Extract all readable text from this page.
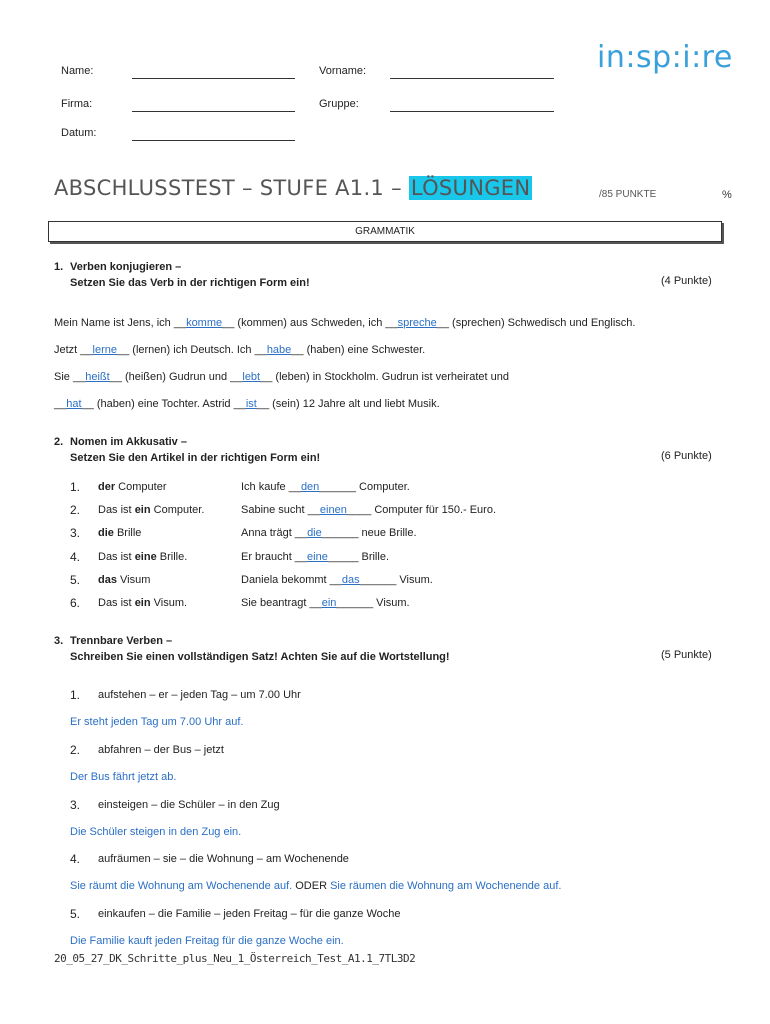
Name:	Vorname:
Firma:	Gruppe:
Datum:
in:sp:i:re
ABSCHLUSSTEST – STUFE A1.1 – LÖSUNGEN	/85 PUNKTE	%
GRAMMATIK
1. Verben konjugieren –
Setzen Sie das Verb in der richtigen Form ein!	(4 Punkte)
Mein Name ist Jens, ich __komme__ (kommen) aus Schweden, ich __spreche__ (sprechen) Schwedisch und Englisch.
Jetzt __lerne__ (lernen) ich Deutsch. Ich __habe__ (haben) eine Schwester.
Sie __heißt__ (heißen) Gudrun und __lebt__ (leben) in Stockholm. Gudrun ist verheiratet und
__hat__ (haben) eine Tochter. Astrid __ist__ (sein) 12 Jahre alt und liebt Musik.
2. Nomen im Akkusativ –
Setzen Sie den Artikel in der richtigen Form ein!	(6 Punkte)
1. der Computer	Ich kaufe __den______ Computer.
2. Das ist ein Computer.	Sabine sucht __einen____ Computer für 150.- Euro.
3. die Brille	Anna trägt __die______ neue Brille.
4. Das ist eine Brille.	Er braucht __eine_____ Brille.
5. das Visum	Daniela bekommt __das______ Visum.
6. Das ist ein Visum.	Sie beantragt __ein______ Visum.
3. Trennbare Verben –
Schreiben Sie einen vollständigen Satz! Achten Sie auf die Wortstellung!	(5 Punkte)
1. aufstehen – er – jeden Tag – um 7.00 Uhr
Er steht jeden Tag um 7.00 Uhr auf.
2. abfahren – der Bus – jetzt
Der Bus fährt jetzt ab.
3. einsteigen – die Schüler – in den Zug
Die Schüler steigen in den Zug ein.
4. aufräumen – sie – die Wohnung – am Wochenende
Sie räumt die Wohnung am Wochenende auf. ODER Sie räumen die Wohnung am Wochenende auf.
5. einkaufen – die Familie – jeden Freitag – für die ganze Woche
Die Familie kauft jeden Freitag für die ganze Woche ein.
20_05_27_DK_Schritte_plus_Neu_1_Österreich_Test_A1.1_7TL3D2
